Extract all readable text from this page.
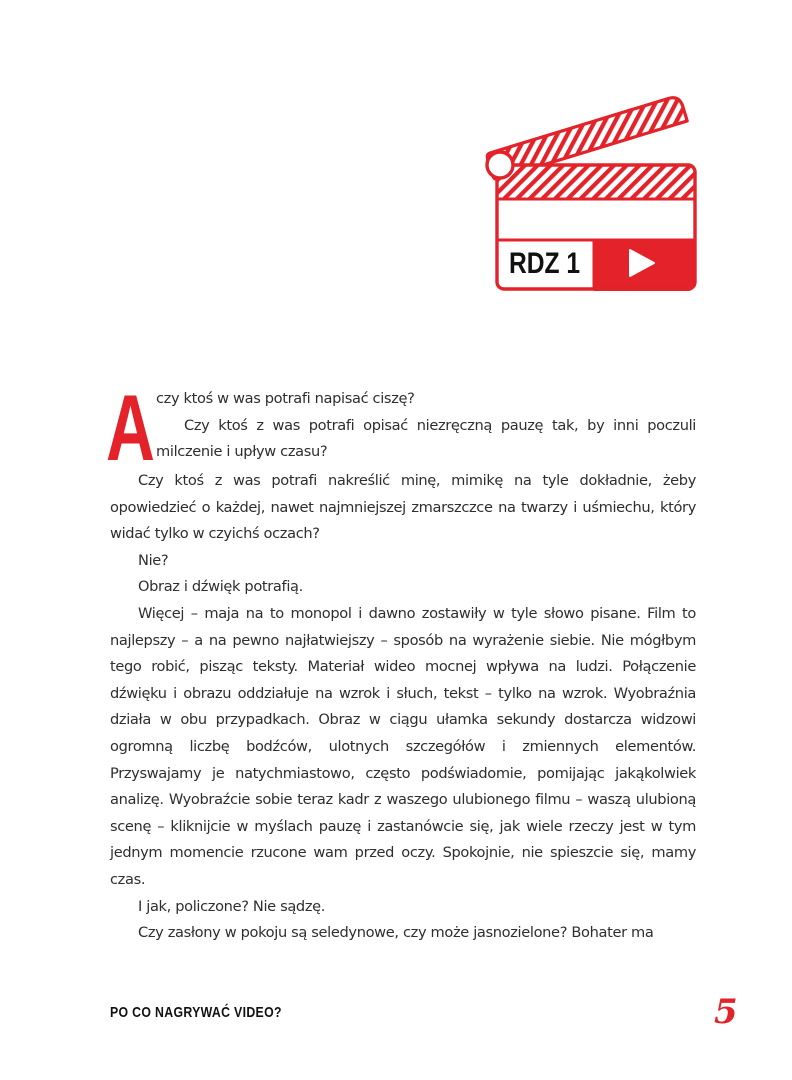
RDZ 1
A czy ktoś w was potrafi napisać ciszę?

Czy ktoś z was potrafi opisać niezręczną pauzę tak, by inni poczuli milczenie i upływ czasu?

Czy ktoś z was potrafi nakreślić minę, mimikę na tyle dokładnie, żeby opowiedzieć o każdej, nawet najmniejszej zmarszczce na twarzy i uśmiechu, który widać tylko w czyichś oczach?

Nie?

Obraz i dźwięk potrafią.

Więcej – maja na to monopol i dawno zostawiły w tyle słowo pisane. Film to najlepszy – a na pewno najłatwiejszy – sposób na wyrażenie siebie. Nie mógłbym tego robić, pisząc teksty. Materiał wideo mocnej wpływa na ludzi. Połączenie dźwięku i obrazu oddziałuje na wzrok i słuch, tekst – tylko na wzrok. Wyobraźnia działa w obu przypadkach. Obraz w ciągu ułamka sekundy dostarcza widzowi ogromną liczbę bodźców, ulotnych szczegółów i zmiennych elementów. Przyswajamy je natychmiastowo, często podświadomie, pomijając jakąkolwiek analizę. Wyobraźcie sobie teraz kadr z waszego ulubionego filmu – waszą ulubioną scenę – kliknijcie w myślach pauzę i zastanówcie się, jak wiele rzeczy jest w tym jednym momencie rzucone wam przed oczy. Spokojnie, nie spieszcie się, mamy czas.

I jak, policzone? Nie sądzę.

Czy zasłony w pokoju są seledynowe, czy może jasnozielone? Bohater ma

PO CO NAGRYWAĆ VIDEO?	5
